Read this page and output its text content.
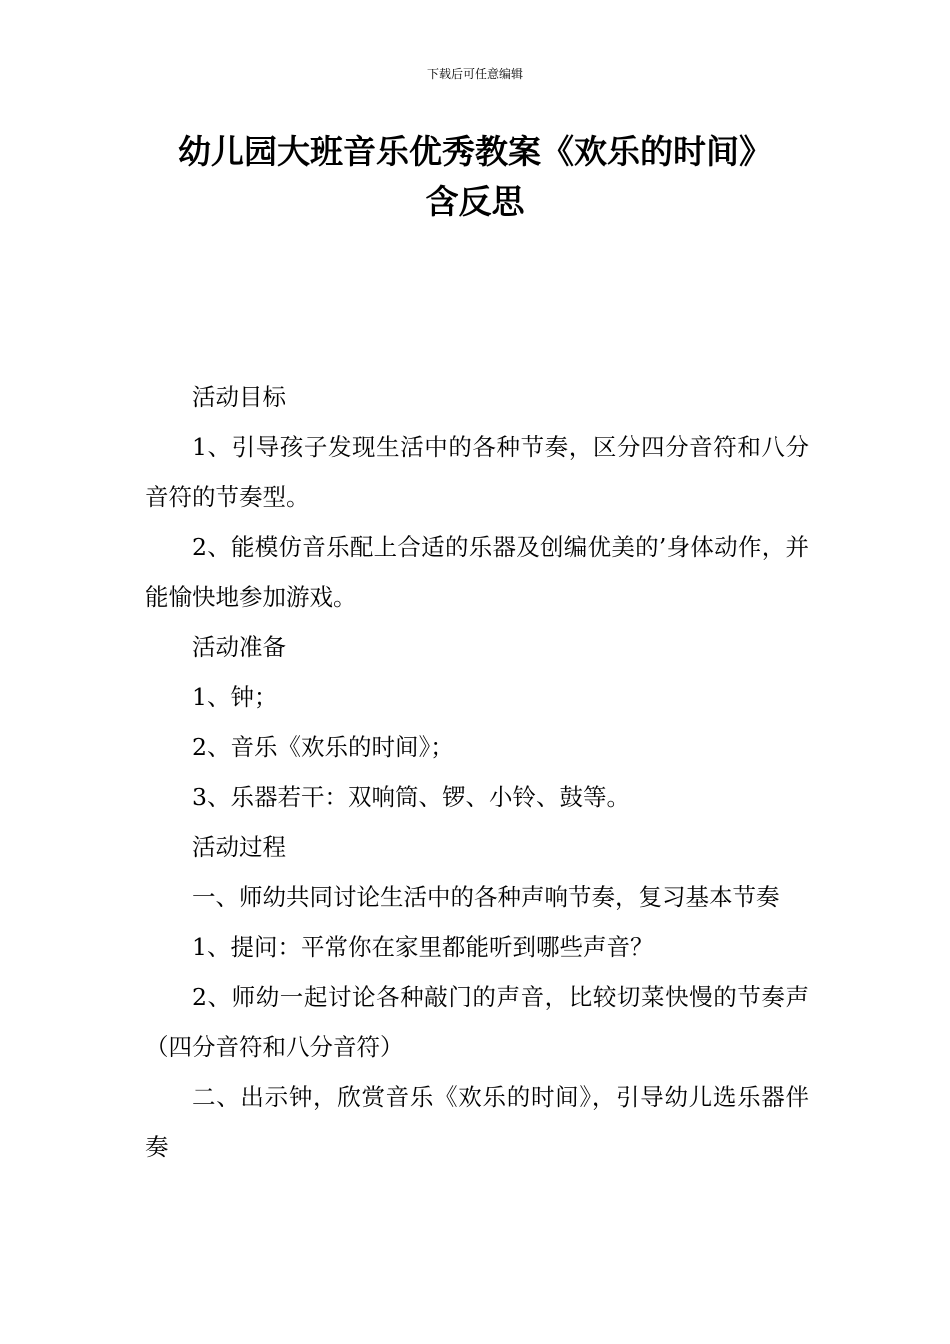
下载后可任意编辑
幼儿园大班音乐优秀教案《欢乐的时间》
含反思

活动目标

1、引导孩子发现生活中的各种节奏，区分四分音符和八分音符的节奏型。

2、能模仿音乐配上合适的乐器及创编优美的’身体动作，并能愉快地参加游戏。

活动准备

1、钟；

2、音乐《欢乐的时间》；

3、乐器若干：双响筒、锣、小铃、鼓等。

活动过程

一、师幼共同讨论生活中的各种声响节奏，复习基本节奏

1、提问：平常你在家里都能听到哪些声音？

2、师幼一起讨论各种敲门的声音，比较切菜快慢的节奏声（四分音符和八分音符）

二、出示钟，欣赏音乐《欢乐的时间》，引导幼儿选乐器伴奏
